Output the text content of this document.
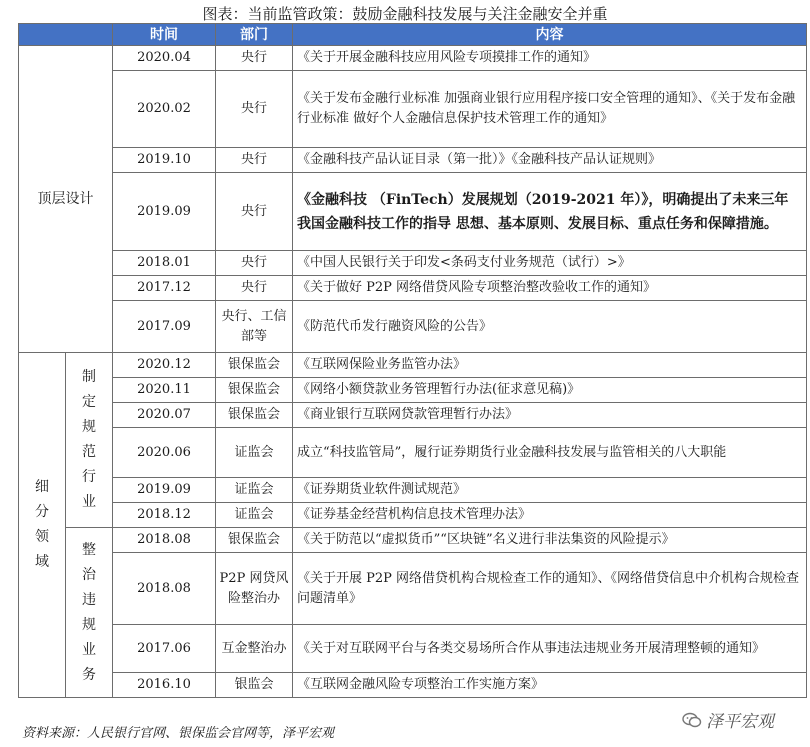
图表：当前监管政策：鼓励金融科技发展与关注金融安全并重
		时间	部门	内容
顶层设计		2020.04	央行	《关于开展金融科技应用风险专项摸排工作的通知》
		2020.02	央行	《关于发布金融行业标准 加强商业银行应用程序接口安全管理的通知》、《关于发布金融行业标准 做好个人金融信息保护技术管理工作的通知》
		2019.10	央行	《金融科技产品认证目录（第一批）》《金融科技产品认证规则》
		2019.09	央行	《金融科技 （FinTech）发展规划（2019-2021 年）》，明确提出了未来三年我国金融科技工作的指导 思想、基本原则、发展目标、重点任务和保障措施。
		2018.01	央行	《中国人民银行关于印发<条码支付业务规范（试行）>》
		2017.12	央行	《关于做好 P2P 网络借贷风险专项整治整改验收工作的通知》
		2017.09	央行、工信部等	《防范代币发行融资风险的公告》

细分领域	制定规范行业	2020.12	银保监会	《互联网保险业务监管办法》
		2020.11	银保监会	《网络小额贷款业务管理暂行办法(征求意见稿)》
		2020.07	银保监会	《商业银行互联网贷款管理暂行办法》
		2020.06	证监会	成立“科技监管局”，履行证券期货行业金融科技发展与监管相关的八大职能
		2019.09	证监会	《证券期货业软件测试规范》
		2018.12	证监会	《证券基金经营机构信息技术管理办法》

	整治违规业务	2018.08	银保监会	《关于防范以“虚拟货币”“区块链”名义进行非法集资的风险提示》
		2018.08	P2P 网贷风险整治办	《关于开展 P2P 网络借贷机构合规检查工作的通知》、《网络借贷信息中介机构合规检查问题清单》
		2017.06	互金整治办	《关于对互联网平台与各类交易场所合作从事违法违规业务开展清理整顿的通知》
		2016.10	银监会	《互联网金融风险专项整治工作实施方案》
资料来源：人民银行官网、银保监会官网等，泽平宏观
泽平宏观
